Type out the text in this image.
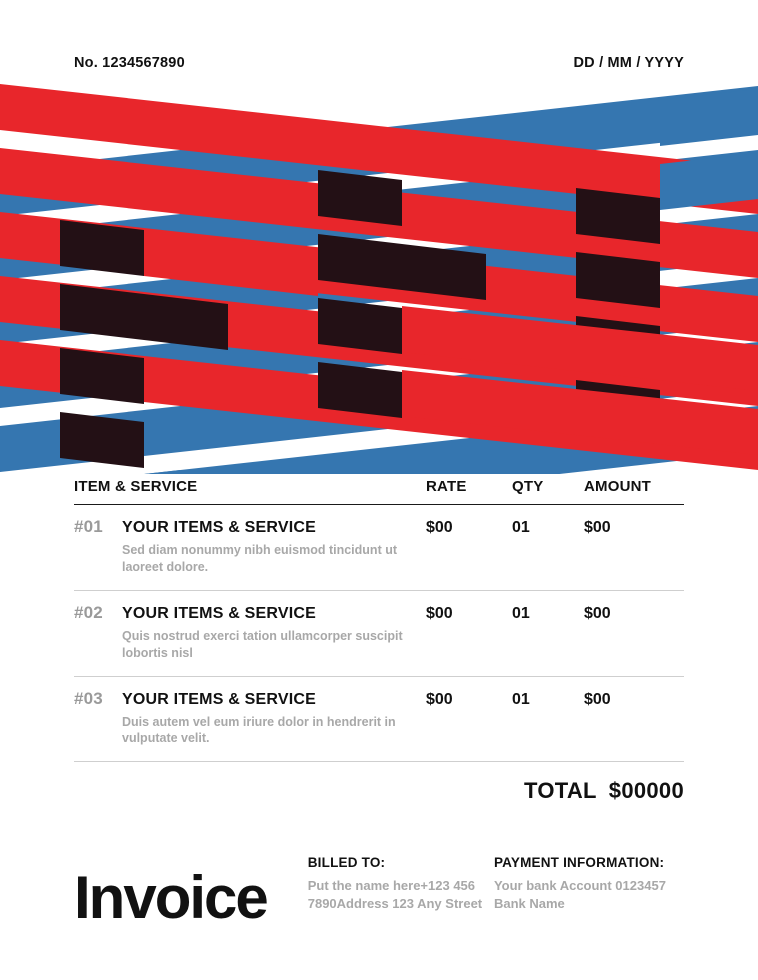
No. 1234567890	DD / MM / YYYY
ITEM & SERVICE	RATE	QTY	AMOUNT
#01	YOUR ITEMS & SERVICE	$00	01	$00
Sed diam nonummy nibh euismod tincidunt ut laoreet dolore.
#02	YOUR ITEMS & SERVICE	$00	01	$00
Quis nostrud exerci tation ullamcorper suscipit lobortis nisl
#03	YOUR ITEMS & SERVICE	$00	01	$00
Duis autem vel eum iriure dolor in hendrerit in vulputate velit.
TOTAL $00000
Invoice
BILLED TO:
Put the name here+123 456 7890Address 123 Any Street
PAYMENT INFORMATION:
Your bank Account 0123457 Bank Name
